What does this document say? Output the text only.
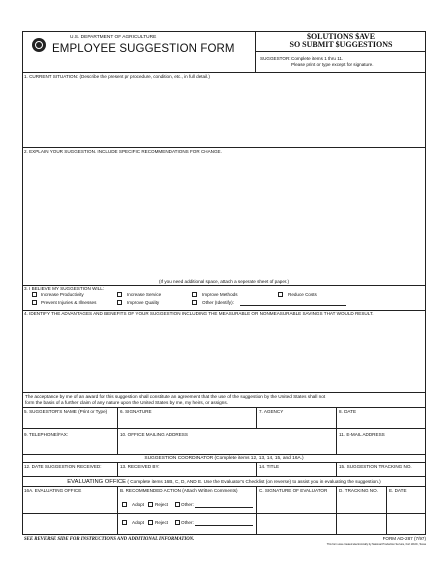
U.S. DEPARTMENT OF AGRICULTURE
EMPLOYEE SUGGESTION FORM
$OLUTIONS $AVE
SO SUBMIT $UGGESTIONS
SUGGESTOR: Complete items 1 thru 11.
Please print or type except for signature.
1. CURRENT SITUATION: (Describe the present pr procedure, condition, etc., in full detail.)
2. EXPLAIN YOUR SUGGESTION. INCLUDE SPECIFIC RECOMMENDATIONS FOR CHANGE.
(If you need additional space, attach a seperate sheet of paper.)
3. I BELIEVE MY SUGGESTION WILL:
Increase Productivity
Prevent Injuries & Illnesses
Increase Service
Improve Quality
Improve Methods
Other (Identify):
Reduce Costs
4. IDENTIFY THE ADVANTAGES AND BENEFITS OF YOUR SUGGESTION INCLUDING THE MEASURABLE OR NONMEASURABLE SAVINGS THAT WOULD RESULT.
The acceptance by me of an award for this suggestion shall constitute an agreement that the use of the suggestion by the United States shall not
form the basis of a further claim of any nature upon the United States by me, my heirs, or assigns.
5. SUGGESTOR'S NAME (Print or Type)	6. SIGNATURE	7. AGENCY	8. DATE
9. TELEPHONE/FAX:	10. OFFICE MAILING ADDRESS	11. E-MAIL ADDRESS
SUGGESTION COORDINATOR (Complete items 12, 13, 14, 15, and 16A.)
12. DATE SUGGESTION RECEIVED:	13. RECEIVED BY:	14. TITLE	15. SUGGESTION TRACKING NO.
EVALUATING OFFICE ( Complete items 16B, C, D, AND E. Use the Evaluator's Checklist (on reverse) to assist you in evaluating the suggestion.)
16A. EVALUATING OFFICE	B. RECOMMENDED ACTION (Attach Written Comments)
Adopt Reject	Other:
Adopt Reject	Other:
C. SIGNATURE OF EVALUATOR	D. TRACKING NO. E. DATE
SEE REVERSE SIDE FOR INSTRUCTIONS AND ADDITIONAL INFORMATION.	FORM AD-287 (7/97)
This form was created electronically by National Production Service, Fort Worth, Texas
